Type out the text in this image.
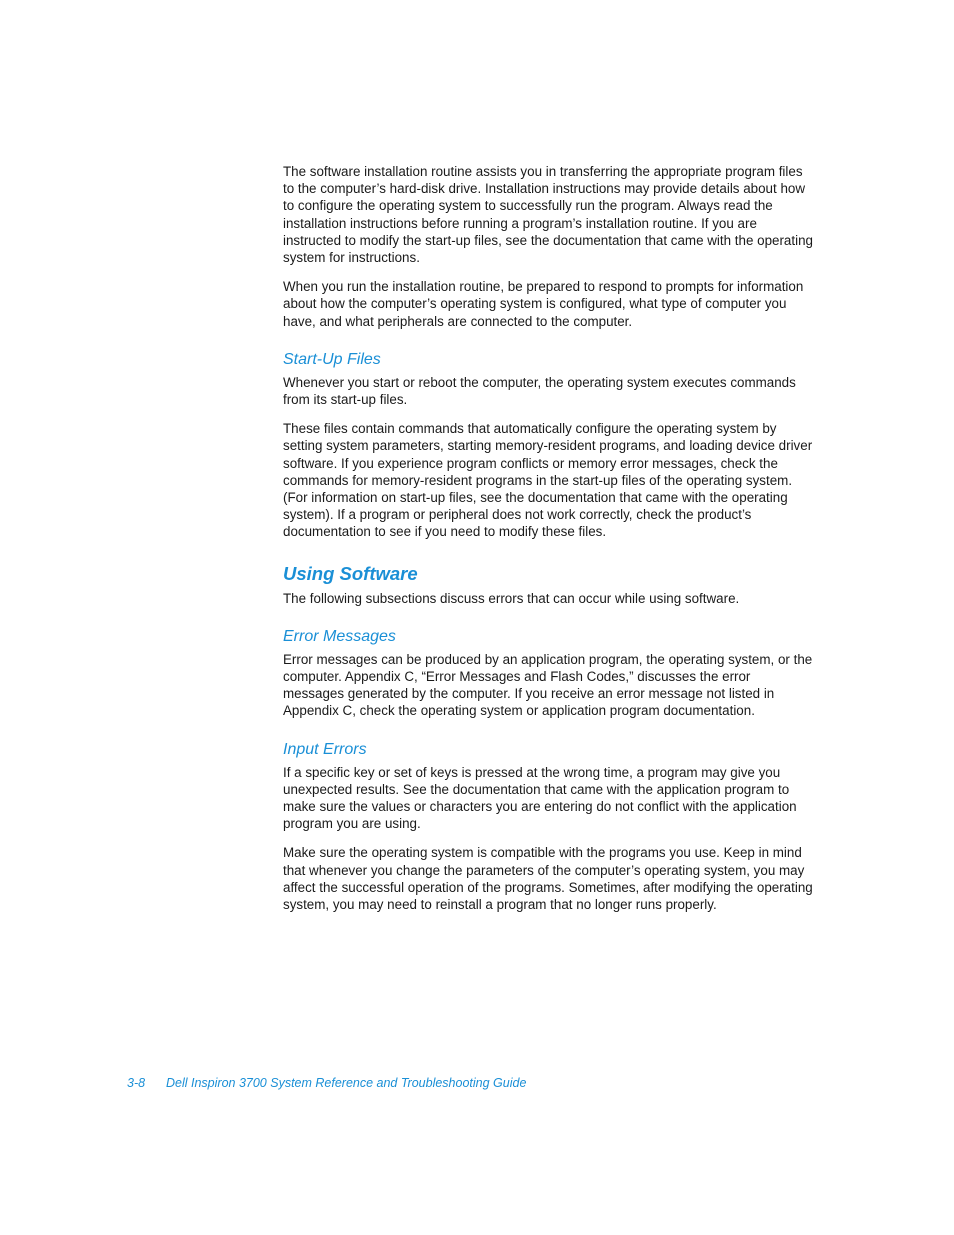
The software installation routine assists you in transferring the appropriate program files to the computer’s hard-disk drive. Installation instructions may provide details about how to configure the operating system to successfully run the program. Always read the installation instructions before running a program’s installation routine. If you are instructed to modify the start-up files, see the documentation that came with the operating system for instructions.

When you run the installation routine, be prepared to respond to prompts for information about how the computer’s operating system is configured, what type of computer you have, and what peripherals are connected to the computer.

Start-Up Files

Whenever you start or reboot the computer, the operating system executes commands from its start-up files.

These files contain commands that automatically configure the operating system by setting system parameters, starting memory-resident programs, and loading device driver software. If you experience program conflicts or memory error messages, check the commands for memory-resident programs in the start-up files of the operating system. (For information on start-up files, see the documentation that came with the operating system). If a program or peripheral does not work correctly, check the product’s documentation to see if you need to modify these files.

Using Software

The following subsections discuss errors that can occur while using software.

Error Messages

Error messages can be produced by an application program, the operating system, or the computer. Appendix C, “Error Messages and Flash Codes,” discusses the error messages generated by the computer. If you receive an error message not listed in Appendix C, check the operating system or application program documentation.

Input Errors

If a specific key or set of keys is pressed at the wrong time, a program may give you unexpected results. See the documentation that came with the application program to make sure the values or characters you are entering do not conflict with the application program you are using.

Make sure the operating system is compatible with the programs you use. Keep in mind that whenever you change the parameters of the computer’s operating system, you may affect the successful operation of the programs. Sometimes, after modifying the operating system, you may need to reinstall a program that no longer runs properly.

3-8 Dell Inspiron 3700 System Reference and Troubleshooting Guide
